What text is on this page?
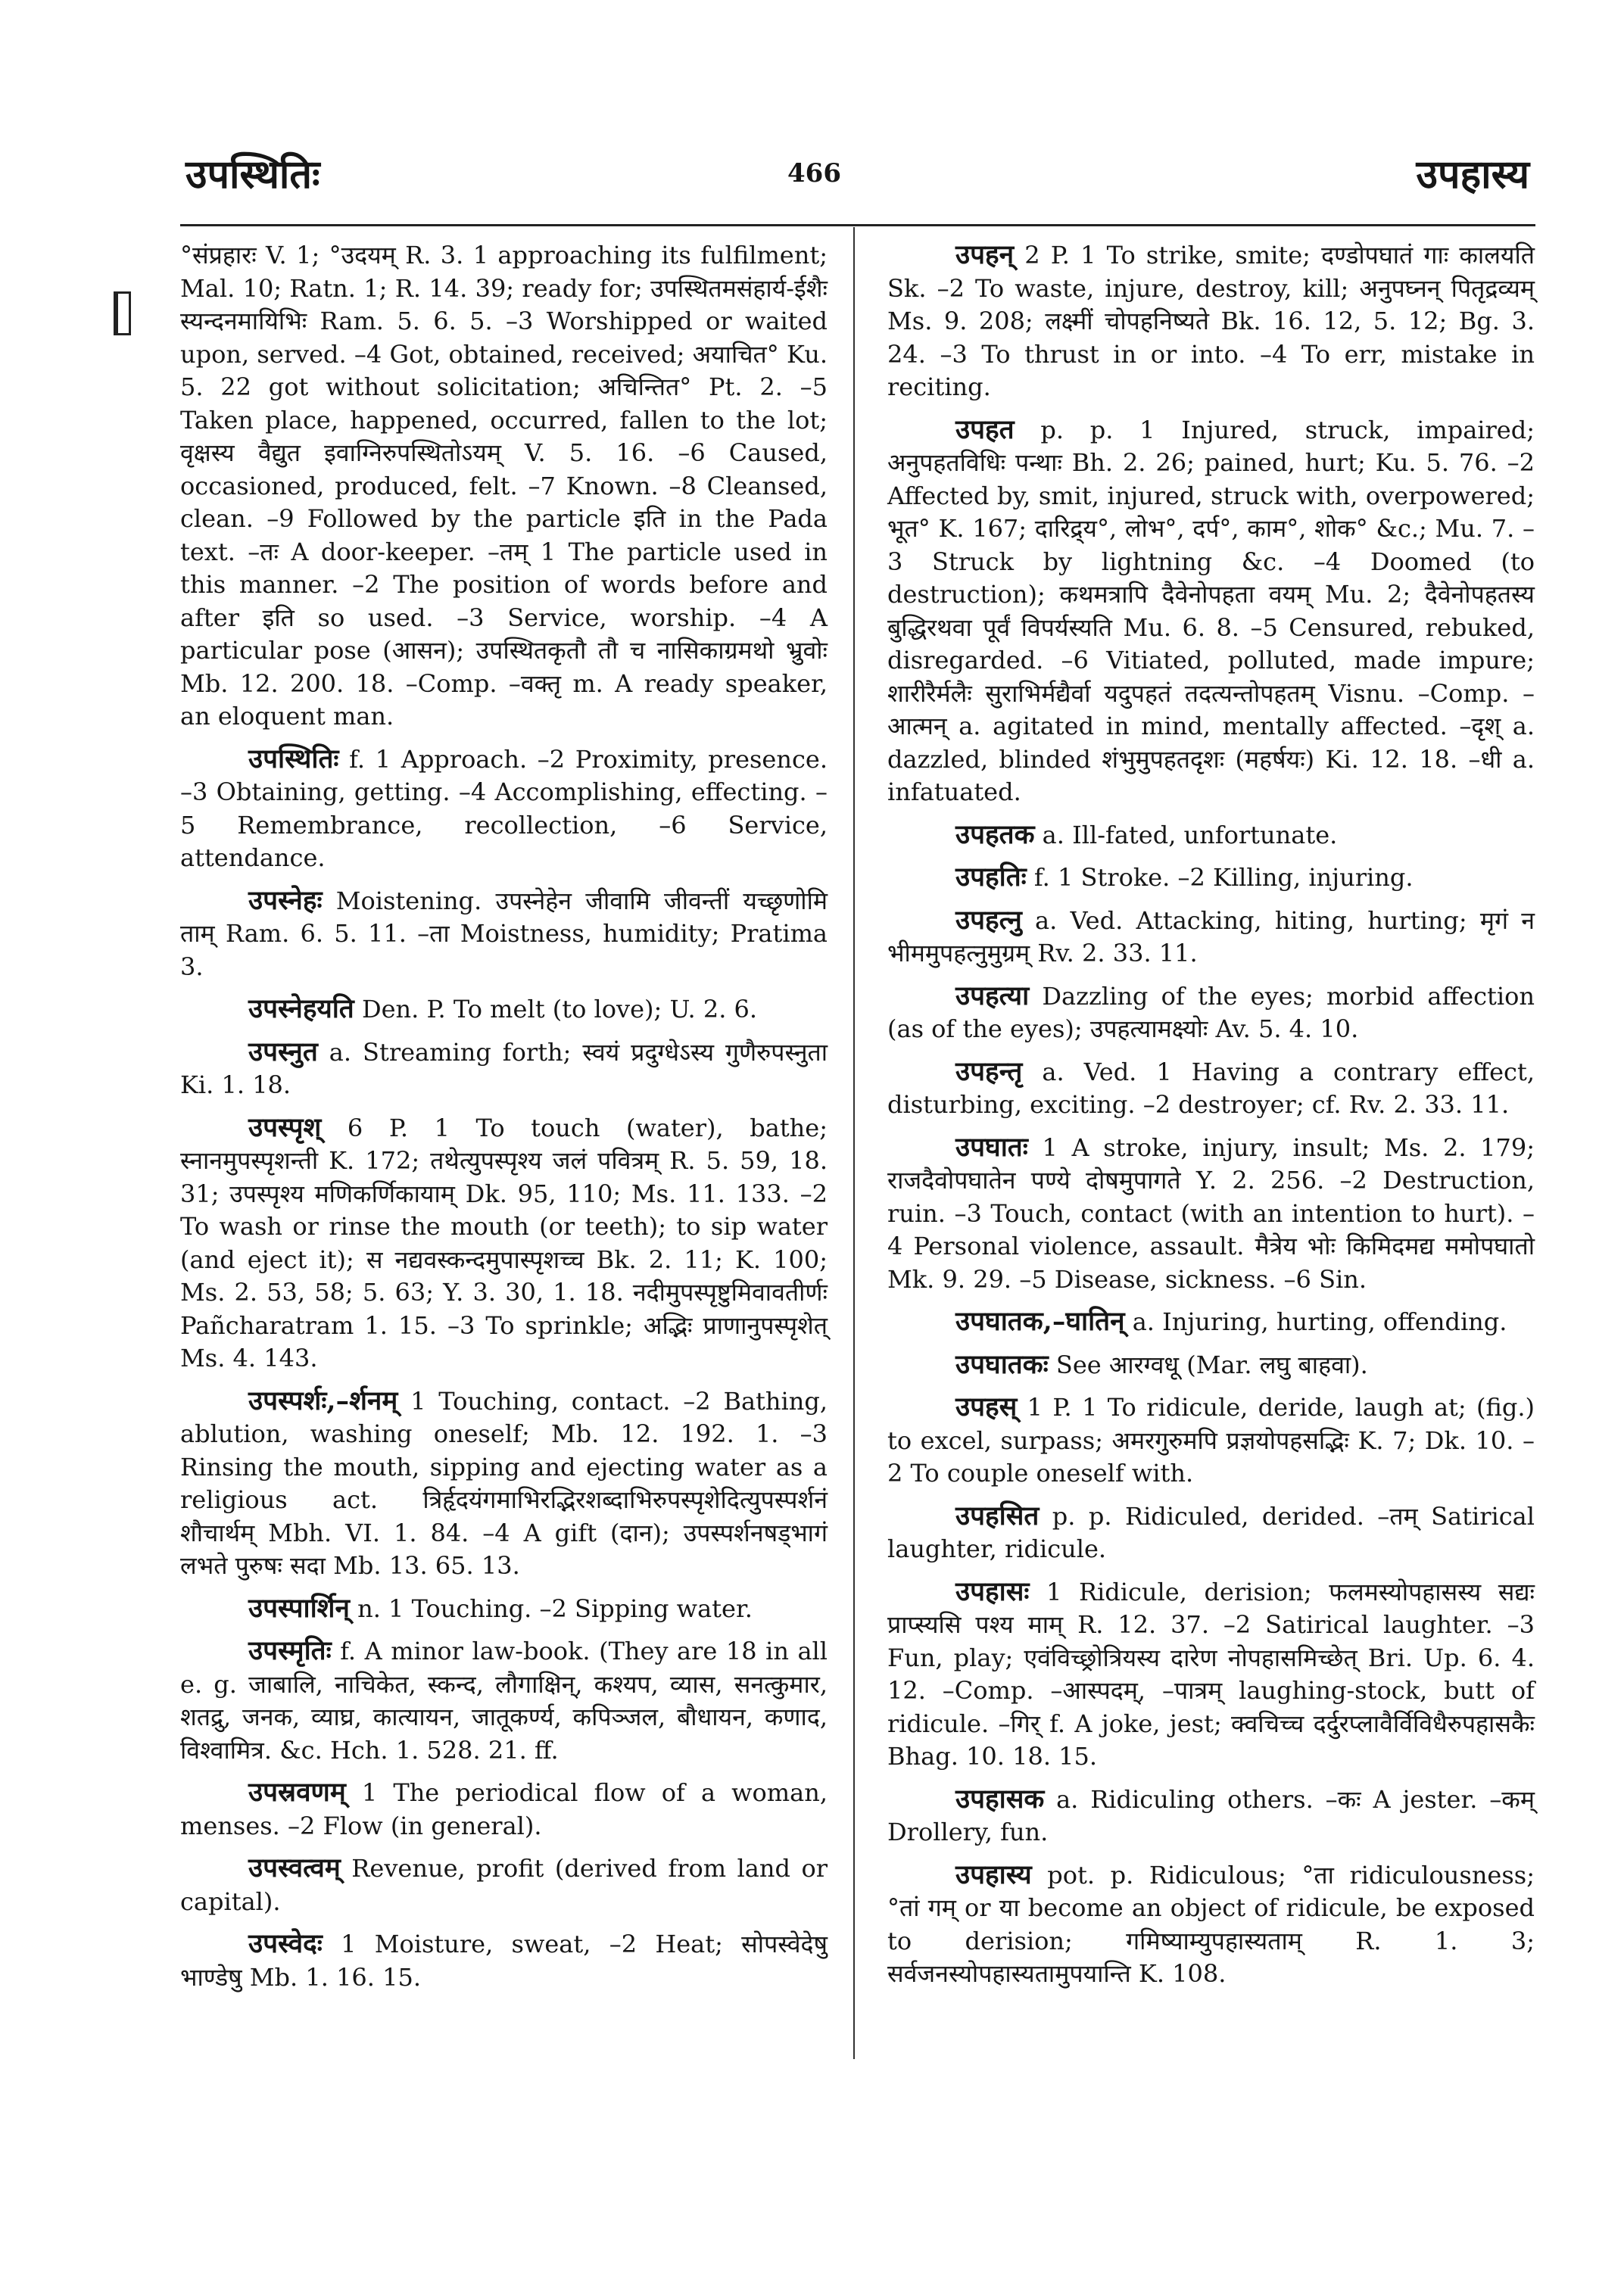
उपस्थितिः	466	उपहास्य

°संप्रहारः V. 1; °उदयम् R. 3. 1 approaching its fulfilment; Mal. 10; Ratn. 1; R. 14. 39; ready for; उपस्थितमसंहार्य-ईशैः स्यन्दनमायिभिः Ram. 5. 6. 5. –3 Worshipped or waited upon, served. –4 Got, obtained, received; अयाचित° Ku. 5. 22 got without solicitation; अचिन्तित° Pt. 2. –5 Taken place, happened, occurred, fallen to the lot; वृक्षस्य वैद्युत इवाग्निरुपस्थितोऽयम् V. 5. 16. –6 Caused, occasioned, produced, felt. –7 Known. –8 Cleansed, clean. –9 Followed by the particle इति in the Pada text. –तः A door-keeper. –तम् 1 The particle used in this manner. –2 The position of words before and after इति so used. –3 Service, worship. –4 A particular pose (आसन); उपस्थितकृतौ तौ च नासिकाग्रमथो भ्रुवोः Mb. 12. 200. 18. –Comp. –वक्तृ m. A ready speaker, an eloquent man.

उपस्थितिः f. 1 Approach. –2 Proximity, presence. –3 Obtaining, getting. –4 Accomplishing, effecting. –5 Remembrance, recollection, –6 Service, attendance.

उपस्नेहः Moistening. उपस्नेहेन जीवामि जीवन्तीं यच्छृणोमि ताम् Ram. 6. 5. 11. –ता Moistness, humidity; Pratima 3.

उपस्नेहयति Den. P. To melt (to love); U. 2. 6.

उपस्नुत a. Streaming forth; स्वयं प्रदुग्धेऽस्य गुणैरुपस्नुता Ki. 1. 18.

उपस्पृश् 6 P. 1 To touch (water), bathe; स्नानमुपस्पृशन्ती K. 172; तथेत्युपस्पृश्य जलं पवित्रम् R. 5. 59, 18. 31; उपस्पृश्य मणिकर्णिकायाम् Dk. 95, 110; Ms. 11. 133. –2 To wash or rinse the mouth (or teeth); to sip water (and eject it); स नद्यवस्कन्दमुपास्पृशच्च Bk. 2. 11; K. 100; Ms. 2. 53, 58; 5. 63; Y. 3. 30, 1. 18. नदीमुपस्पृष्टुमिवावतीर्णः Pañcharatram 1. 15. –3 To sprinkle; अद्भिः प्राणानुपस्पृशेत् Ms. 4. 143.

उपस्पर्शः,–र्शनम् 1 Touching, contact. –2 Bathing, ablution, washing oneself; Mb. 12. 192. 1. –3 Rinsing the mouth, sipping and ejecting water as a religious act. त्रिर्हृदयंगमाभिरद्भिरशब्दाभिरुपस्पृशेदित्युपस्पर्शनं शौचार्थम् Mbh. VI. 1. 84. –4 A gift (दान); उपस्पर्शनषड्भागं लभते पुरुषः सदा Mb. 13. 65. 13.

उपस्पार्शिन् n. 1 Touching. –2 Sipping water.

उपस्मृतिः f. A minor law-book. (They are 18 in all e. g. जाबालि, नाचिकेत, स्कन्द, लौगाक्षिन्, कश्यप, व्यास, सनत्कुमार, शतद्रु, जनक, व्याघ्र, कात्यायन, जातूकर्ण्य, कपिञ्जल, बौधायन, कणाद, विश्वामित्र. &c. Hch. 1. 528. 21. ff.

उपस्रवणम् 1 The periodical flow of a woman, menses. –2 Flow (in general).

उपस्वत्वम् Revenue, profit (derived from land or capital).

उपस्वेदः 1 Moisture, sweat, –2 Heat; सोपस्वेदेषु भाण्डेषु Mb. 1. 16. 15.

उपहन् 2 P. 1 To strike, smite; दण्डोपघातं गाः कालयति Sk. –2 To waste, injure, destroy, kill; अनुपघ्नन् पितृद्रव्यम् Ms. 9. 208; लक्ष्मीं चोपहनिष्यते Bk. 16. 12, 5. 12; Bg. 3. 24. –3 To thrust in or into. –4 To err, mistake in reciting.

उपहत p. p. 1 Injured, struck, impaired; अनुपहतविधिः पन्थाः Bh. 2. 26; pained, hurt; Ku. 5. 76. –2 Affected by, smit, injured, struck with, overpowered; भूत° K. 167; दारिद्र्य°, लोभ°, दर्प°, काम°, शोक° &c.; Mu. 7. –3 Struck by lightning &c. –4 Doomed (to destruction); कथमत्रापि दैवेनोपहता वयम् Mu. 2; दैवेनोपहतस्य बुद्धिरथवा पूर्वं विपर्यस्यति Mu. 6. 8. –5 Censured, rebuked, disregarded. –6 Vitiated, polluted, made impure; शारीरैर्मलैः सुराभिर्मद्यैर्वा यदुपहतं तदत्यन्तोपहतम् Visnu. –Comp. –आत्मन् a. agitated in mind, mentally affected. –दृश् a. dazzled, blinded शंभुमुपहतदृशः (महर्षयः) Ki. 12. 18. –धी a. infatuated.

उपहतक a. Ill-fated, unfortunate.

उपहतिः f. 1 Stroke. –2 Killing, injuring.

उपहत्नु a. Ved. Attacking, hiting, hurting; मृगं न भीममुपहत्नुमुग्रम् Rv. 2. 33. 11.

उपहत्या Dazzling of the eyes; morbid affection (as of the eyes); उपहत्यामक्ष्योः Av. 5. 4. 10.

उपहन्तृ a. Ved. 1 Having a contrary effect, disturbing, exciting. –2 destroyer; cf. Rv. 2. 33. 11.

उपघातः 1 A stroke, injury, insult; Ms. 2. 179; राजदैवोपघातेन पण्ये दोषमुपागते Y. 2. 256. –2 Destruction, ruin. –3 Touch, contact (with an intention to hurt). –4 Personal violence, assault. मैत्रेय भोः किमिदमद्य ममोपघातो Mk. 9. 29. –5 Disease, sickness. –6 Sin.

उपघातक,–घातिन् a. Injuring, hurting, offending.

उपघातकः See आरग्वधू (Mar. लघु बाहवा).

उपहस् 1 P. 1 To ridicule, deride, laugh at; (fig.) to excel, surpass; अमरगुरुमपि प्रज्ञयोपहसद्भिः K. 7; Dk. 10. –2 To couple oneself with.

उपहसित p. p. Ridiculed, derided. –तम् Satirical laughter, ridicule.

उपहासः 1 Ridicule, derision; फलमस्योपहासस्य सद्यः प्राप्स्यसि पश्य माम् R. 12. 37. –2 Satirical laughter. –3 Fun, play; एवंविच्छ्रोत्रियस्य दारेण नोपहासमिच्छेत् Bri. Up. 6. 4. 12. –Comp. –आस्पदम्, –पात्रम् laughing-stock, butt of ridicule. –गिर् f. A joke, jest; क्वचिच्च दर्दुरप्लावैर्विविधैरुपहासकैः Bhag. 10. 18. 15.

उपहासक a. Ridiculing others. –कः A jester. –कम् Drollery, fun.

उपहास्य pot. p. Ridiculous; °ता ridiculousness; °तां गम् or या become an object of ridicule, be exposed to derision; गमिष्याम्युपहास्यताम् R. 1. 3; सर्वजनस्योपहास्यतामुपयान्ति K. 108.
